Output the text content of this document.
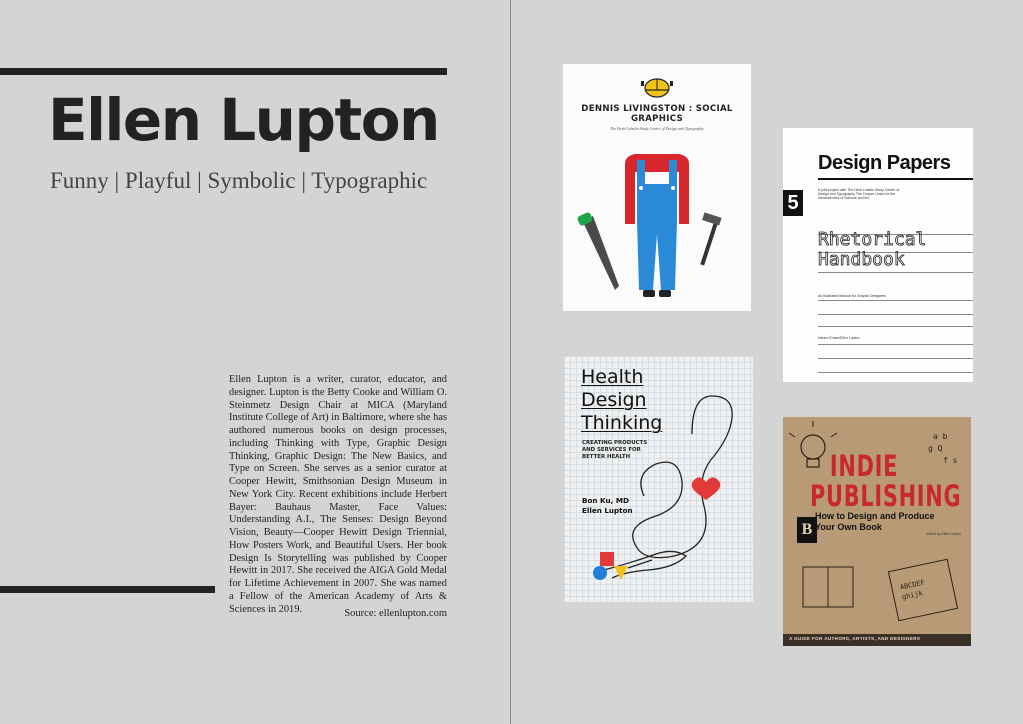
Ellen Lupton
Funny | Playful | Symbolic | Typographic
Ellen Lupton is a writer, curator, educator, and designer. Lupton is the Betty Cooke and William O. Steinmetz Design Chair at MICA (Maryland Institute College of Art) in Baltimore, where she has authored numerous books on design processes, including Thinking with Type, Graphic Design Thinking, Graphic Design: The New Basics, and Type on Screen. She serves as a senior curator at Cooper Hewitt, Smithsonian Design Museum in New York City. Recent exhibitions include Herbert Bayer: Bauhaus Master, Face Values: Understanding A.I., The Senses: Design Beyond Vision, Beauty—Cooper Hewitt Design Triennial, How Posters Work, and Beautiful Users. Her book Design Is Storytelling was published by Cooper Hewitt in 2017. She received the AIGA Gold Medal for Lifetime Achievement in 2007. She was named a Fellow of the American Academy of Arts & Sciences in 2019.	Source: ellenlupton.com
DENNIS LIVINGSTON : SOCIAL GRAPHICS
The Herb Lubalin Study Center of Design and Typography
Design Papers
5
A joint project with The Herb Lubalin Study Center of Design and Typography The Cooper Union for the Advancement of Science and Art
Rhetorical
Handbook
An Illustrated Manual for Graphic Designers
Hanno Ehses/Ellen Lupton
Health
Design
Thinking
CREATING PRODUCTS
AND SERVICES FOR
BETTER HEALTH
Bon Ku, MD
Ellen Lupton
a b
g Q
f s
ABCDEF
ghijk
B
INDIE
PUBLISHING
How to Design and Produce
Your Own Book
edited by Ellen Lupton
A GUIDE FOR AUTHORS, ARTISTS, AND DESIGNERS
